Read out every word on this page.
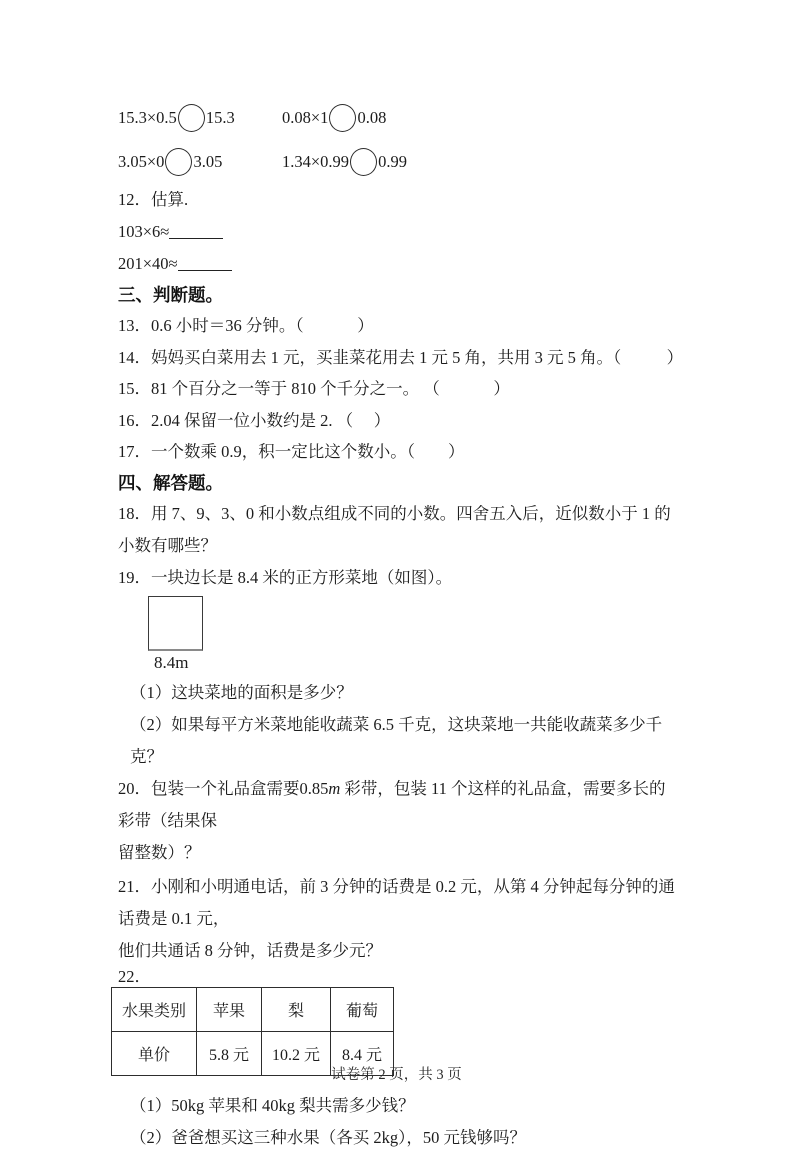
15.3×0.5 15.3	0.08×1 0.08
3.05×0 3.05	1.34×0.99 0.99
12．估算.
103×6≈
201×40≈
三、判断题。
13．0.6 小时＝36 分钟。（             ）
14．妈妈买白菜用去 1 元，买韭菜花用去 1 元 5 角，共用 3 元 5 角。（           ）
15．81 个百分之一等于 810 个千分之一。 （             ）
16．2.04 保留一位小数约是 2. （     ）
17．一个数乘 0.9，积一定比这个数小。（        ）
四、解答题。
18．用 7、9、3、0 和小数点组成不同的小数。四舍五入后，近似数小于 1 的小数有哪些？
19．一块边长是 8.4 米的正方形菜地（如图）。
8.4m
（1）这块菜地的面积是多少？
（2）如果每平方米菜地能收蔬菜 6.5 千克，这块菜地一共能收蔬菜多少千克？
20．包装一个礼品盒需要0.85m 彩带，包装 11 个这样的礼品盒，需要多长的彩带（结果保
留整数）？
21．小刚和小明通电话，前 3 分钟的话费是 0.2 元，从第 4 分钟起每分钟的通话费是 0.1 元，
他们共通话 8 分钟，话费是多少元？
22．
水果类别	苹果	梨	葡萄
单价	5.8 元	10.2 元	8.4 元
（1）50kg 苹果和 40kg 梨共需多少钱？
（2）爸爸想买这三种水果（各买 2kg），50 元钱够吗？
试卷第 2 页，共 3 页
